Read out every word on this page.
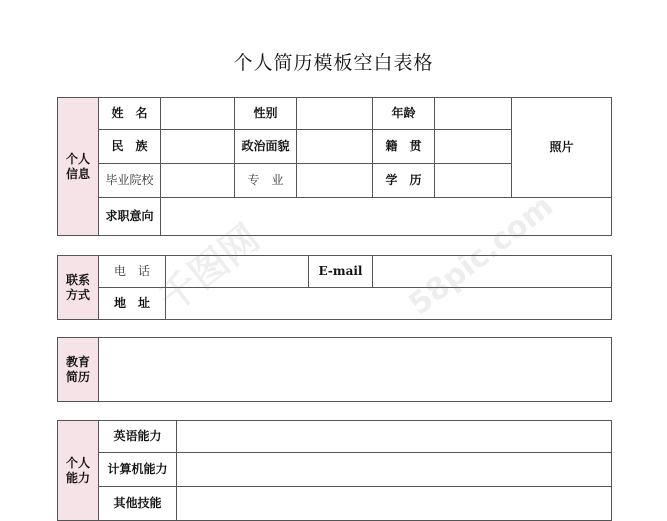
个人简历模板空白表格
个人信息	姓　名		性别		年龄		照片
	民　族		政治面貌		籍　贯		

	毕业院校		专　业		学　历		

	求职意向						

联系方式	电　话		E-mail	
	地　址			
教育简历

个人能力	英语能力	

	计算机能力	

	其他技能	
千图网	58pic.com
